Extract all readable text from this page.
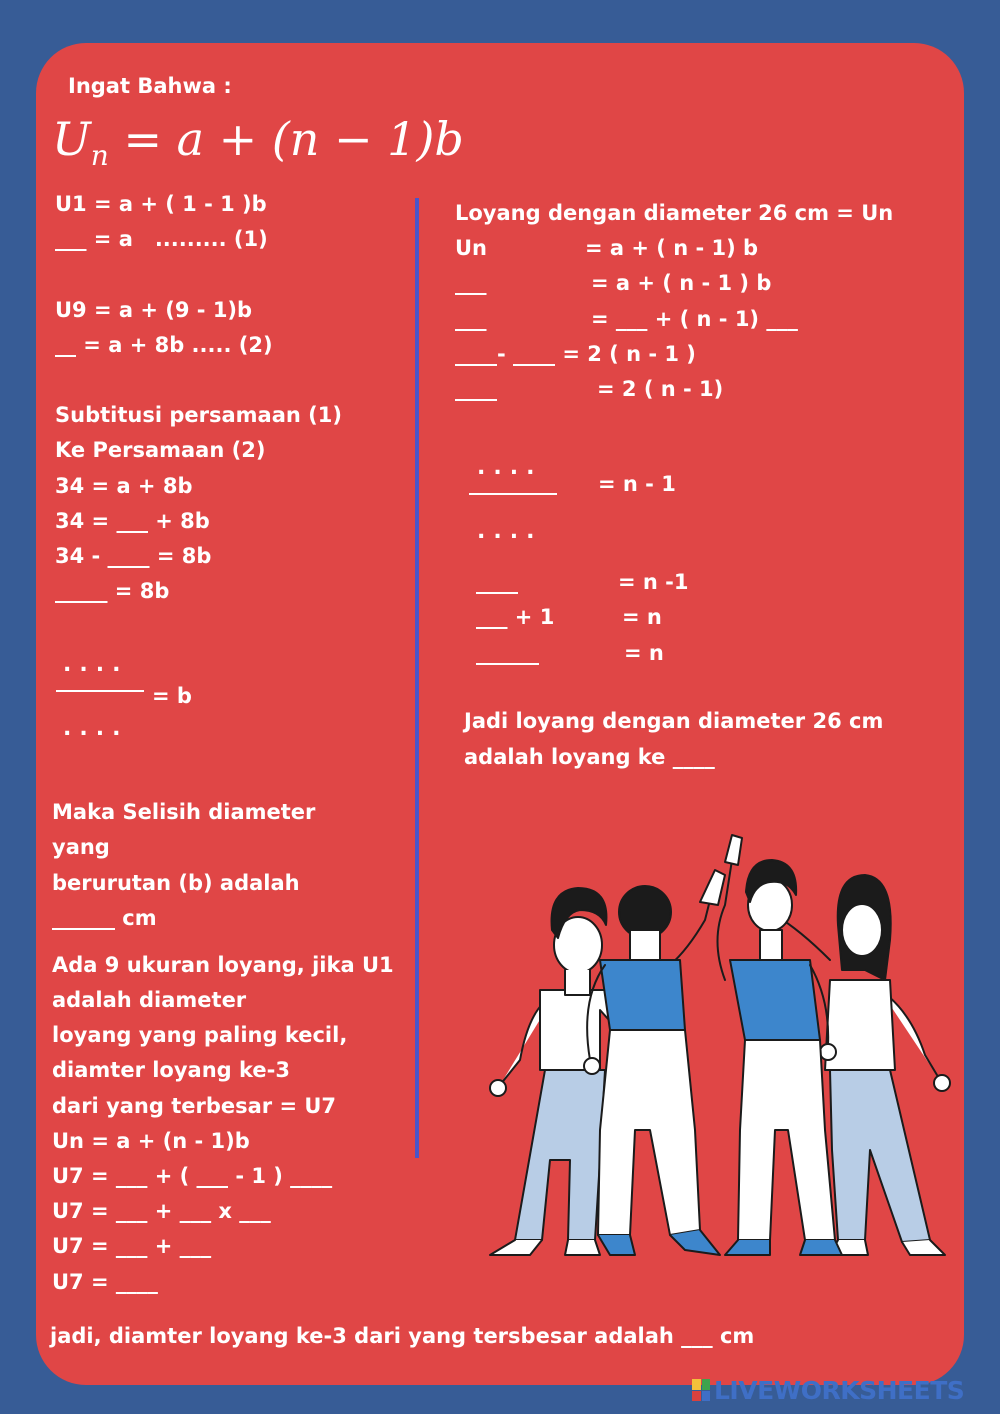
Ingat Bahwa :
$U_n = a + (n - 1)b$
U1 = a + ( 1 - 1 )b
___ = a   ......... (1)
U9 = a + (9 - 1)b
__ = a + 8b ..... (2)
Subtitusi persamaan (1)
Ke Persamaan (2)
34 = a + 8b
34 = ___ + 8b
34 - ____ = 8b
_____ = 8b
....
= b
....
Maka Selisih diameter
yang
berurutan (b) adalah
______ cm
Ada 9 ukuran loyang, jika U1
adalah diameter
loyang yang paling kecil,
diamter loyang ke-3
dari yang terbesar = U7
Un = a + (n - 1)b
U7 = ___ + ( ___ - 1 ) ____
U7 = ___ + ___ x ___
U7 = ___ + ___
U7 = ____
Loyang dengan diameter 26 cm = Un
Un	= a + ( n - 1) b
___	= a + ( n - 1 ) b
___	= ___ + ( n - 1) ___
____- ____ = 2 ( n - 1 )
____	= 2 ( n - 1)
....
= n - 1
....
____	= n -1
___ + 1	= n
______	= n
Jadi loyang dengan diameter 26 cm
adalah loyang ke ____
jadi, diamter loyang ke-3 dari yang tersbesar adalah ___ cm
LIVEWORKSHEETS
